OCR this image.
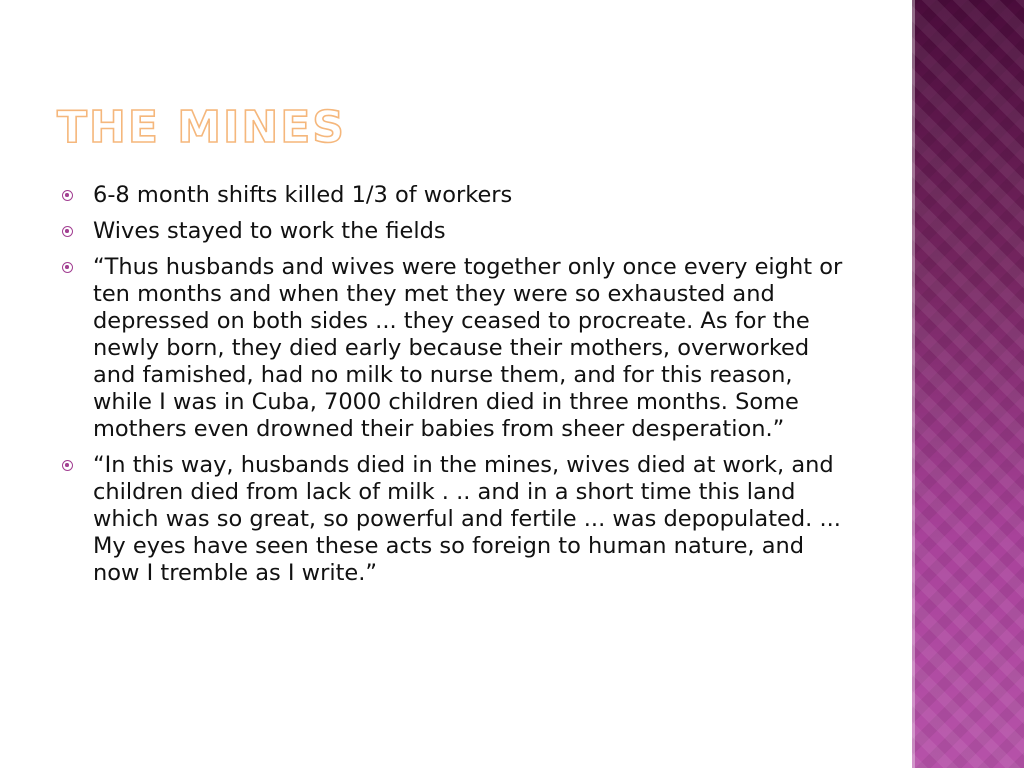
THE MINES
6-8 month shifts killed 1/3 of workers
Wives stayed to work the fields
“Thus husbands and wives were together only once every eight or ten months and when they met they were so exhausted and depressed on both sides ... they ceased to procreate. As for the newly born, they died early because their mothers, overworked and famished, had no milk to nurse them, and for this reason, while I was in Cuba, 7000 children died in three months. Some mothers even drowned their babies from sheer desperation.”
“In this way, husbands died in the mines, wives died at work, and children died from lack of milk . .. and in a short time this land which was so great, so powerful and fertile ... was depopulated. ... My eyes have seen these acts so foreign to human nature, and now I tremble as I write.”
